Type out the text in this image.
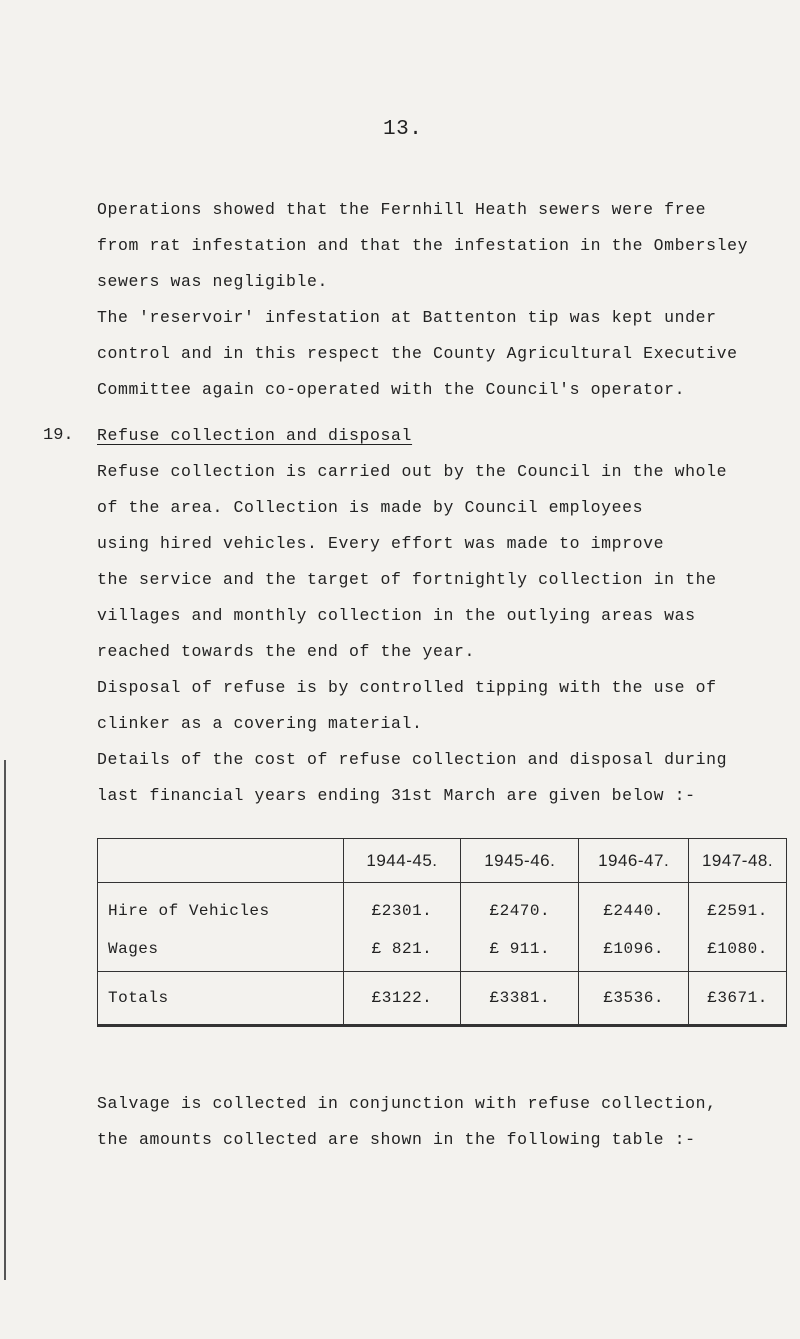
13.
Operations showed that the Fernhill Heath sewers were free
from rat infestation and that the infestation in the Ombersley
sewers was negligible.
The 'reservoir' infestation at Battenton tip was kept under
control and in this respect the County Agricultural Executive
Committee again co-operated with the Council's operator.
19. Refuse collection and disposal
Refuse collection is carried out by the Council in the whole
of the area. Collection is made by Council employees
using hired vehicles. Every effort was made to improve
the service and the target of fortnightly collection in the
villages and monthly collection in the outlying areas was
reached towards the end of the year.
Disposal of refuse is by controlled tipping with the use of
clinker as a covering material.
Details of the cost of refuse collection and disposal during
last financial years ending 31st March are given below :-
	1944-45.	1945-46.	1946-47.	1947-48.
Hire of Vehicles	£2301.	£2470.	£2440.	£2591.
Wages	£ 821.	£ 911.	£1096.	£1080.
Totals	£3122.	£3381.	£3536.	£3671.
Salvage is collected in conjunction with refuse collection,
the amounts collected are shown in the following table :-
